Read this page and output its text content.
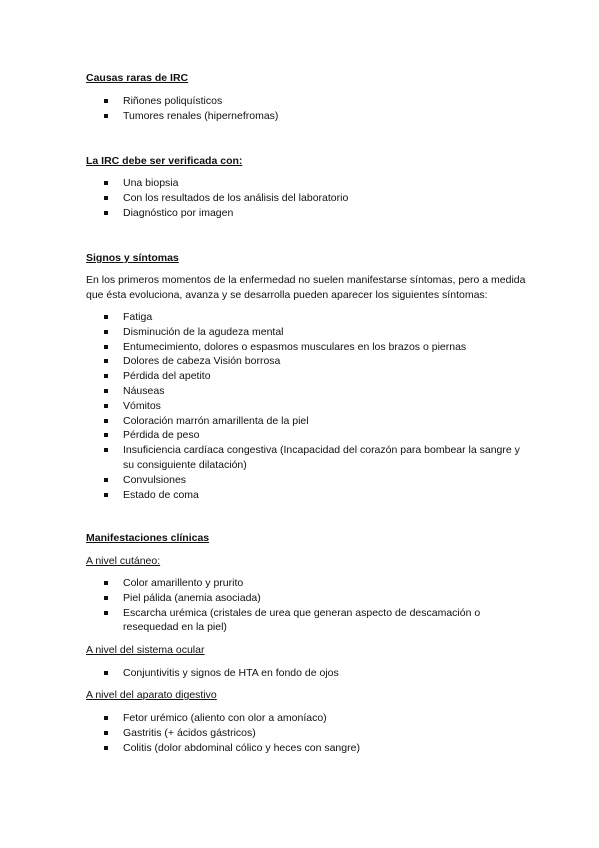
Causas raras de IRC
Riñones poliquísticos
Tumores renales (hipernefromas)
La IRC debe ser verificada con:
Una biopsia
Con los resultados de los análisis del laboratorio
Diagnóstico por imagen
Signos y síntomas
En los primeros momentos de la enfermedad no suelen manifestarse síntomas, pero a medida que ésta evoluciona, avanza y se desarrolla pueden aparecer los siguientes síntomas:
Fatiga
Disminución de la agudeza mental
Entumecimiento, dolores o espasmos musculares en los brazos o piernas
Dolores de cabeza Visión borrosa
Pérdida del apetito
Náuseas
Vómitos
Coloración marrón amarillenta de la piel
Pérdida de peso
Insuficiencia cardíaca congestiva (Incapacidad del corazón para bombear la sangre y su consiguiente dilatación)
Convulsiones
Estado de coma
Manifestaciones clínicas
A nivel cutáneo:
Color amarillento y prurito
Piel pálida (anemia asociada)
Escarcha urémica (cristales de urea que generan aspecto de descamación o resequedad en la piel)
A nivel del sistema ocular
Conjuntivitis y signos de HTA en fondo de ojos
A nivel del aparato digestivo
Fetor urémico (aliento con olor a amoníaco)
Gastritis (+ ácidos gástricos)
Colitis (dolor abdominal cólico y heces con sangre)
